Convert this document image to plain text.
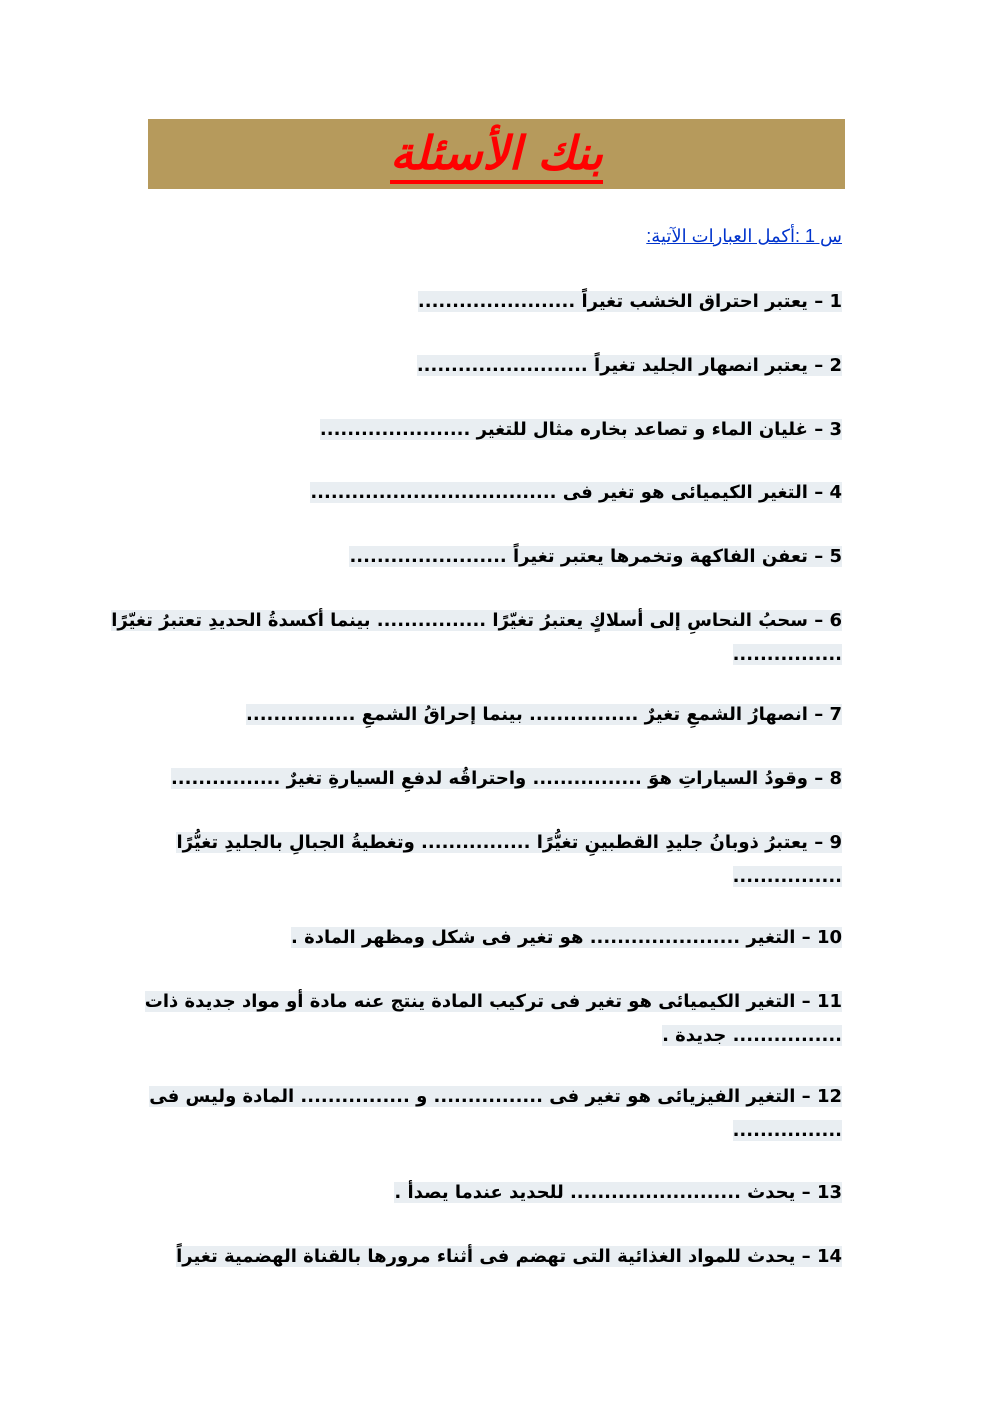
بنك الأسئلة
س 1 :أكمل العبارات الآتية:
1 – يعتبر احتراق الخشب تغيراً .......................
2 – يعتبر انصهار الجليد تغيراً .........................
3 – غليان الماء و تصاعد بخاره مثال للتغير ......................
4 – التغير الكيميائى هو تغير فى ....................................
5 – تعفن الفاكهة وتخمرها يعتبر تغيراً .......................
6 – سحبُ النحاسِ إلى أسلاكٍ يعتبرُ تغيّرًا ................ بينما أكسدةُ الحديدِ تعتبرُ تغيّرًا
................
7 – انصهارُ الشمعِ تغيرٌ ................ بينما إحراقُ الشمعِ ................
8 – وقودُ السياراتِ هوَ ................ واحتراقُه لدفعِ السيارةِ تغيرٌ ................
9 – يعتبرُ ذوبانُ جليدِ القطبينِ تغيُّرًا ................ وتغطيةُ الجبالِ بالجليدِ تغيُّرًا
................
10 – التغير ...................... هو تغير فى شكل ومظهر المادة .
11 – التغير الكيميائى هو تغير فى تركيب المادة ينتج عنه مادة أو مواد جديدة ذات
................ جديدة .
12 – التغير الفيزيائى هو تغير فى ................ و ................ المادة وليس فى
................
13 – يحدث ......................... للحديد عندما يصدأ .
14 – يحدث للمواد الغذائية التى تهضم فى أثناء مرورها بالقناة الهضمية تغيراً
